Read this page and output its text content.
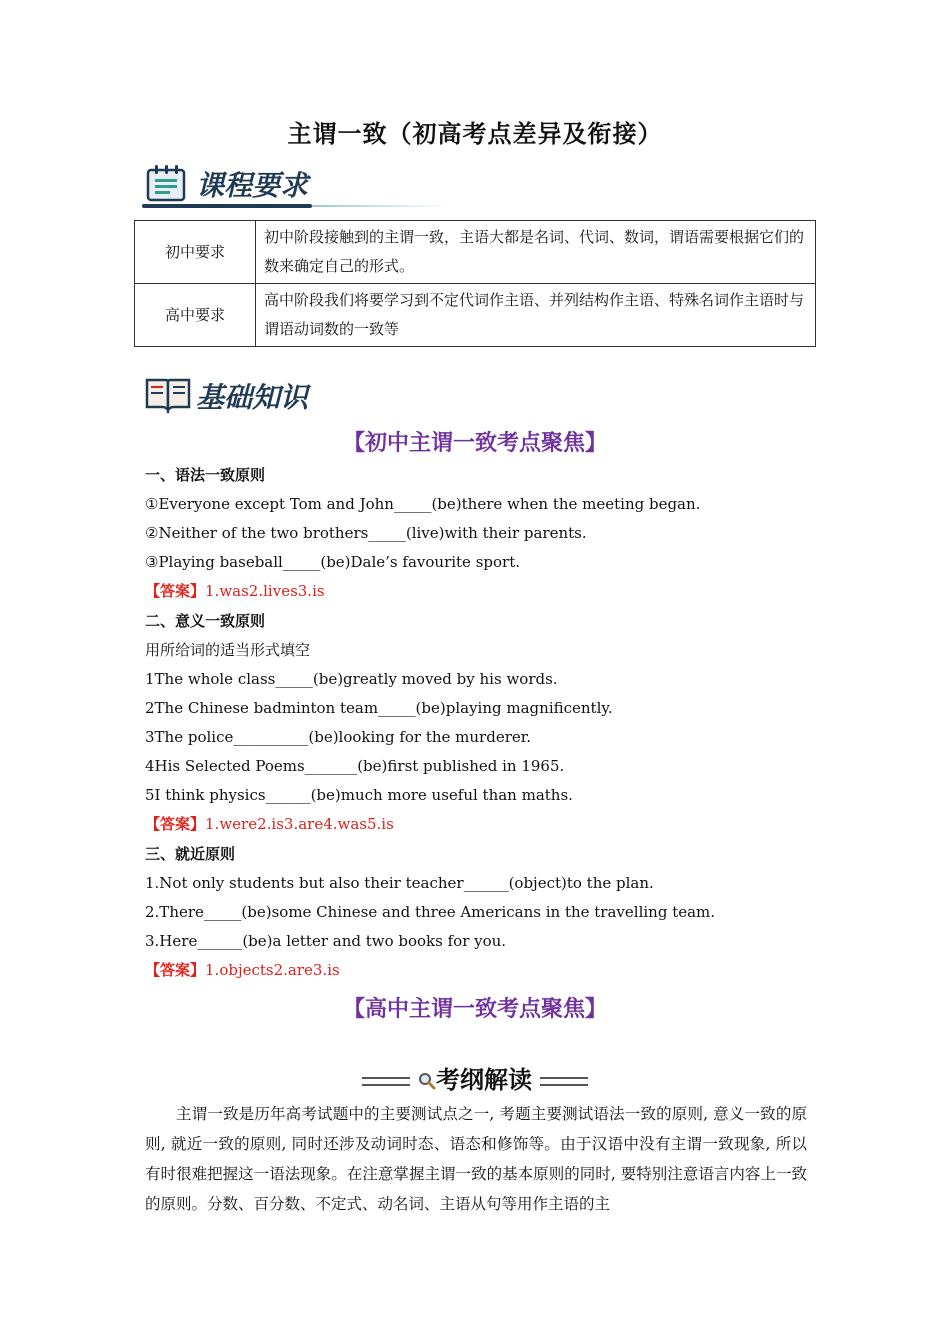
主谓一致（初高考点差异及衔接）
课程要求
初中要求	初中阶段接触到的主谓一致，主语大都是名词、代词、数词，谓语需要根据它们的数来确定自己的形式。
高中要求	高中阶段我们将要学习到不定代词作主语、并列结构作主语、特殊名词作主语时与谓语动词数的一致等
基础知识
【初中主谓一致考点聚焦】
一、语法一致原则
①Everyone except Tom and John_____(be)there when the meeting began.
②Neither of the two brothers_____(live)with their parents.
③Playing baseball_____(be)Dale’s favourite sport.
【答案】1.was2.lives3.is
二、意义一致原则
用所给词的适当形式填空
1The whole class_____(be)greatly moved by his words.
2The Chinese badminton team_____(be)playing magnificently.
3The police__________(be)looking for the murderer.
4His Selected Poems_______(be)first published in 1965.
5I think physics______(be)much more useful than maths.
【答案】1.were2.is3.are4.was5.is
三、就近原则
1.Not only students but also their teacher______(object)to the plan.
2.There_____(be)some Chinese and three Americans in the travelling team.
3.Here______(be)a letter and two books for you.
【答案】1.objects2.are3.is
【高中主谓一致考点聚焦】
考纲解读
主谓一致是历年高考试题中的主要测试点之一, 考题主要测试语法一致的原则, 意义一致的原则, 就近一致的原则, 同时还涉及动词时态、语态和修饰等。由于汉语中没有主谓一致现象, 所以有时很难把握这一语法现象。在注意掌握主谓一致的基本原则的同时, 要特别注意语言内容上一致的原则。分数、百分数、不定式、动名词、主语从句等用作主语的主
